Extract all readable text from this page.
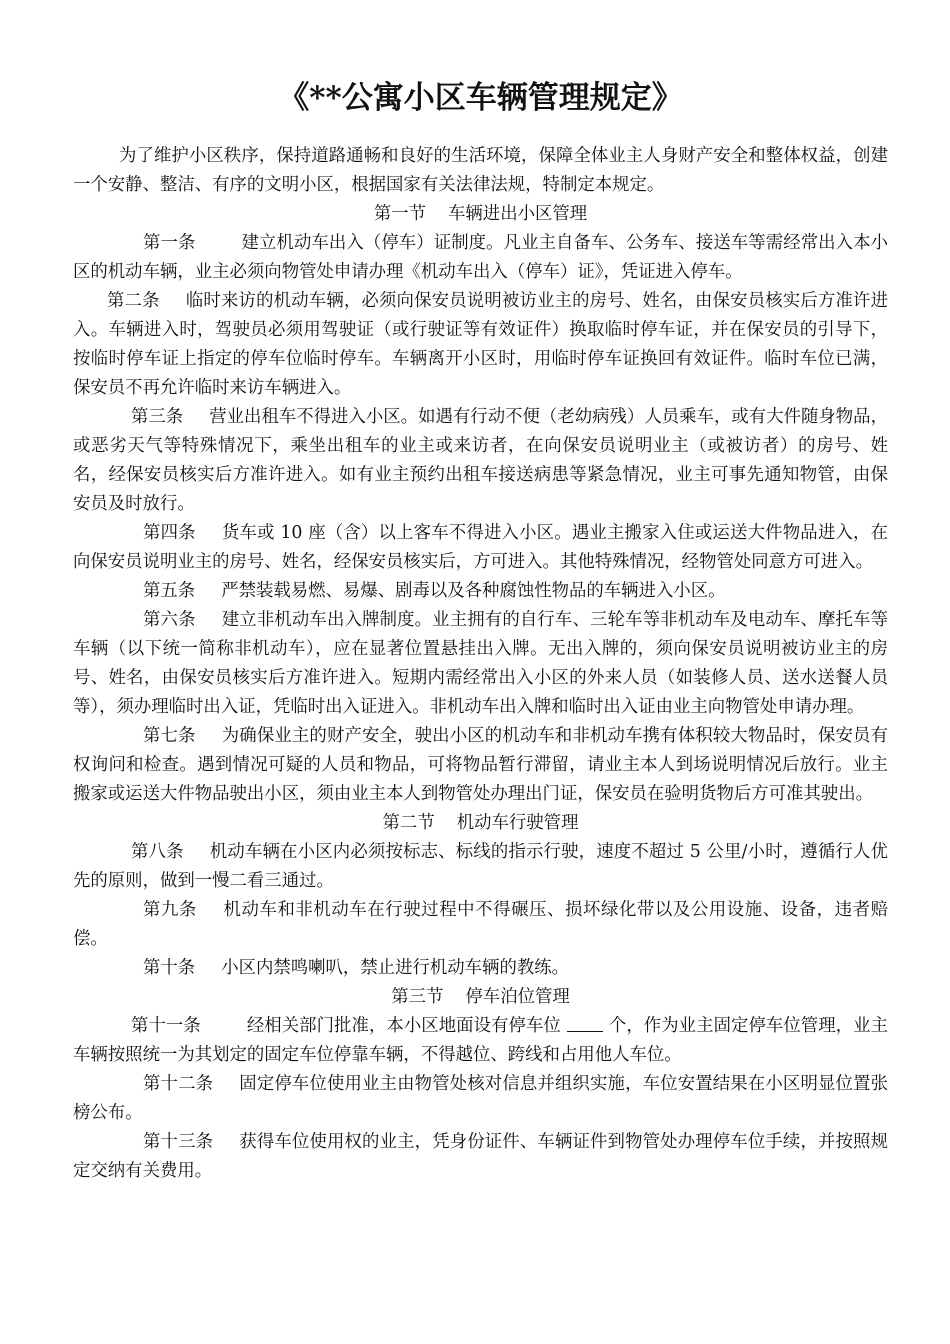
《**公寓小区车辆管理规定》

为了维护小区秩序，保持道路通畅和良好的生活环境，保障全体业主人身财产安全和整体权益，创建一个安静、整洁、有序的文明小区，根据国家有关法律法规，特制定本规定。

第一节 车辆进出小区管理

第一条	建立机动车出入（停车）证制度。凡业主自备车、公务车、接送车等需经常出入本小区的机动车辆，业主必须向物管处申请办理《机动车出入（停车）证》，凭证进入停车。

第二条 临时来访的机动车辆，必须向保安员说明被访业主的房号、姓名，由保安员核实后方准许进入。车辆进入时，驾驶员必须用驾驶证（或行驶证等有效证件）换取临时停车证，并在保安员的引导下，按临时停车证上指定的停车位临时停车。车辆离开小区时，用临时停车证换回有效证件。临时车位已满，保安员不再允许临时来访车辆进入。

第三条 营业出租车不得进入小区。如遇有行动不便（老幼病残）人员乘车，或有大件随身物品，或恶劣天气等特殊情况下，乘坐出租车的业主或来访者，在向保安员说明业主（或被访者）的房号、姓名，经保安员核实后方准许进入。如有业主预约出租车接送病患等紧急情况，业主可事先通知物管，由保安员及时放行。

第四条 货车或 10 座（含）以上客车不得进入小区。遇业主搬家入住或运送大件物品进入，在向保安员说明业主的房号、姓名，经保安员核实后，方可进入。其他特殊情况，经物管处同意方可进入。

第五条 严禁装载易燃、易爆、剧毒以及各种腐蚀性物品的车辆进入小区。

第六条 建立非机动车出入牌制度。业主拥有的自行车、三轮车等非机动车及电动车、摩托车等车辆（以下统一简称非机动车），应在显著位置悬挂出入牌。无出入牌的，须向保安员说明被访业主的房号、姓名，由保安员核实后方准许进入。短期内需经常出入小区的外来人员（如装修人员、送水送餐人员等），须办理临时出入证，凭临时出入证进入。非机动车出入牌和临时出入证由业主向物管处申请办理。

第七条 为确保业主的财产安全，驶出小区的机动车和非机动车携有体积较大物品时，保安员有权询问和检查。遇到情况可疑的人员和物品，可将物品暂行滞留，请业主本人到场说明情况后放行。业主搬家或运送大件物品驶出小区，须由业主本人到物管处办理出门证，保安员在验明货物后方可准其驶出。

第二节 机动车行驶管理

第八条 机动车辆在小区内必须按标志、标线的指示行驶，速度不超过 5 公里/小时，遵循行人优先的原则，做到一慢二看三通过。

第九条 机动车和非机动车在行驶过程中不得碾压、损坏绿化带以及公用设施、设备，违者赔偿。

第十条 小区内禁鸣喇叭，禁止进行机动车辆的教练。

第三节 停车泊位管理

第十一条	经相关部门批准，本小区地面设有停车位	个，作为业主固定停车位管理，业主车辆按照统一为其划定的固定车位停靠车辆，不得越位、跨线和占用他人车位。

第十二条 固定停车位使用业主由物管处核对信息并组织实施，车位安置结果在小区明显位置张榜公布。

第十三条 获得车位使用权的业主，凭身份证件、车辆证件到物管处办理停车位手续，并按照规定交纳有关费用。
